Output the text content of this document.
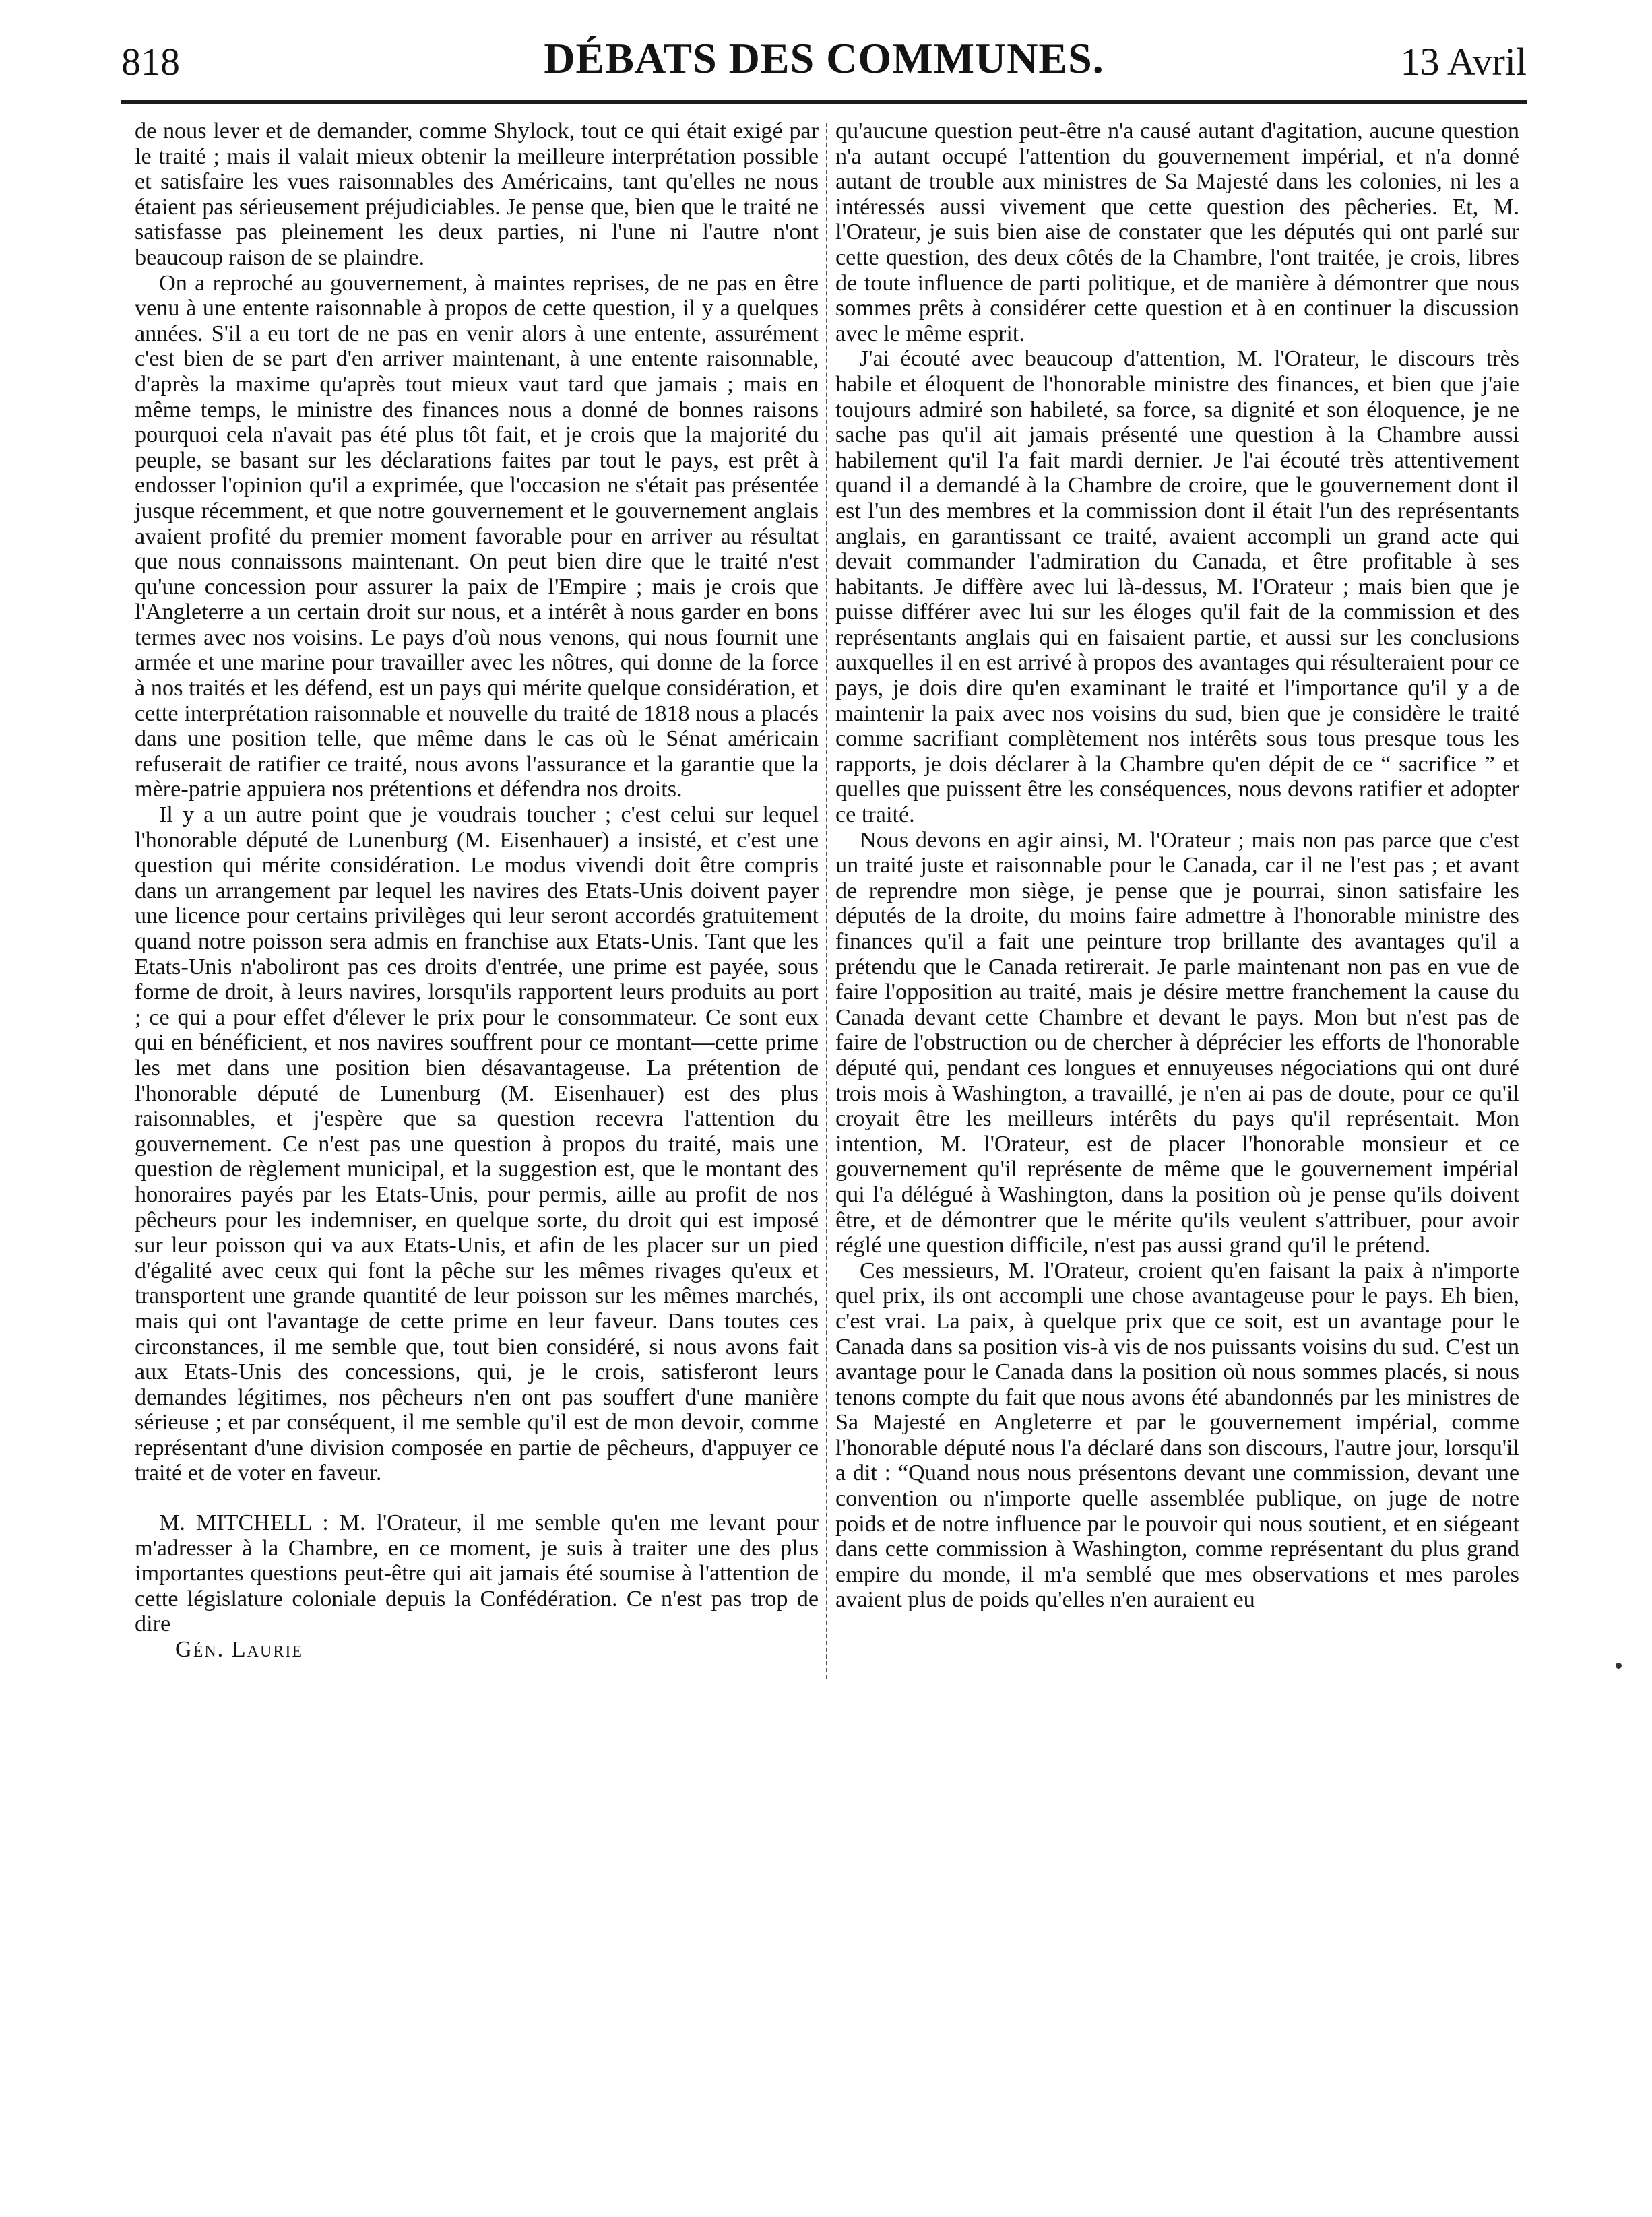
818	DÉBATS DES COMMUNES.	13 Avril

de nous lever et de demander, comme Shylock, tout ce qui était exigé par le traité ; mais il valait mieux obtenir la meilleure interprétation possible et satisfaire les vues raisonnables des Américains, tant qu'elles ne nous étaient pas sérieusement préjudiciables. Je pense que, bien que le traité ne satisfasse pas pleinement les deux parties, ni l'une ni l'autre n'ont beaucoup raison de se plaindre.

On a reproché au gouvernement, à maintes reprises, de ne pas en être venu à une entente raisonnable à propos de cette question, il y a quelques années. S'il a eu tort de ne pas en venir alors à une entente, assurément c'est bien de se part d'en arriver maintenant, à une entente raisonnable, d'après la maxime qu'après tout mieux vaut tard que jamais ; mais en même temps, le ministre des finances nous a donné de bonnes raisons pourquoi cela n'avait pas été plus tôt fait, et je crois que la majorité du peuple, se basant sur les déclarations faites par tout le pays, est prêt à endosser l'opinion qu'il a exprimée, que l'occasion ne s'était pas présentée jusque récemment, et que notre gouvernement et le gouvernement anglais avaient profité du premier moment favorable pour en arriver au résultat que nous connaissons maintenant. On peut bien dire que le traité n'est qu'une concession pour assurer la paix de l'Empire ; mais je crois que l'Angleterre a un certain droit sur nous, et a intérêt à nous garder en bons termes avec nos voisins. Le pays d'où nous venons, qui nous fournit une armée et une marine pour travailler avec les nôtres, qui donne de la force à nos traités et les défend, est un pays qui mérite quelque considération, et cette interprétation raisonnable et nouvelle du traité de 1818 nous a placés dans une position telle, que même dans le cas où le Sénat américain refuserait de ratifier ce traité, nous avons l'assurance et la garantie que la mère-patrie appuiera nos prétentions et défendra nos droits.

Il y a un autre point que je voudrais toucher ; c'est celui sur lequel l'honorable député de Lunenburg (M. Eisenhauer) a insisté, et c'est une question qui mérite considération. Le modus vivendi doit être compris dans un arrangement par lequel les navires des Etats-Unis doivent payer une licence pour certains privilèges qui leur seront accordés gratuitement quand notre poisson sera admis en franchise aux Etats-Unis. Tant que les Etats-Unis n'aboliront pas ces droits d'entrée, une prime est payée, sous forme de droit, à leurs navires, lorsqu'ils rapportent leurs produits au port ; ce qui a pour effet d'élever le prix pour le consommateur. Ce sont eux qui en bénéficient, et nos navires souffrent pour ce montant—cette prime les met dans une position bien désavantageuse. La prétention de l'honorable député de Lunenburg (M. Eisenhauer) est des plus raisonnables, et j'espère que sa question recevra l'attention du gouvernement. Ce n'est pas une question à propos du traité, mais une question de règlement municipal, et la suggestion est, que le montant des honoraires payés par les Etats-Unis, pour permis, aille au profit de nos pêcheurs pour les indemniser, en quelque sorte, du droit qui est imposé sur leur poisson qui va aux Etats-Unis, et afin de les placer sur un pied d'égalité avec ceux qui font la pêche sur les mêmes rivages qu'eux et transportent une grande quantité de leur poisson sur les mêmes marchés, mais qui ont l'avantage de cette prime en leur faveur. Dans toutes ces circonstances, il me semble que, tout bien considéré, si nous avons fait aux Etats-Unis des concessions, qui, je le crois, satisferont leurs demandes légitimes, nos pêcheurs n'en ont pas souffert d'une manière sérieuse ; et par conséquent, il me semble qu'il est de mon devoir, comme représentant d'une division composée en partie de pêcheurs, d'appuyer ce traité et de voter en faveur.

M. MITCHELL : M. l'Orateur, il me semble qu'en me levant pour m'adresser à la Chambre, en ce moment, je suis à traiter une des plus importantes questions peut-être qui ait jamais été soumise à l'attention de cette législature coloniale depuis la Confédération. Ce n'est pas trop de dire

Gén. Laurie

qu'aucune question peut-être n'a causé autant d'agitation, aucune question n'a autant occupé l'attention du gouvernement impérial, et n'a donné autant de trouble aux ministres de Sa Majesté dans les colonies, ni les a intéressés aussi vivement que cette question des pêcheries. Et, M. l'Orateur, je suis bien aise de constater que les députés qui ont parlé sur cette question, des deux côtés de la Chambre, l'ont traitée, je crois, libres de toute influence de parti politique, et de manière à démontrer que nous sommes prêts à considérer cette question et à en continuer la discussion avec le même esprit.

J'ai écouté avec beaucoup d'attention, M. l'Orateur, le discours très habile et éloquent de l'honorable ministre des finances, et bien que j'aie toujours admiré son habileté, sa force, sa dignité et son éloquence, je ne sache pas qu'il ait jamais présenté une question à la Chambre aussi habilement qu'il l'a fait mardi dernier. Je l'ai écouté très attentivement quand il a demandé à la Chambre de croire, que le gouvernement dont il est l'un des membres et la commission dont il était l'un des représentants anglais, en garantissant ce traité, avaient accompli un grand acte qui devait commander l'admiration du Canada, et être profitable à ses habitants. Je diffère avec lui là-dessus, M. l'Orateur ; mais bien que je puisse différer avec lui sur les éloges qu'il fait de la commission et des représentants anglais qui en faisaient partie, et aussi sur les conclusions auxquelles il en est arrivé à propos des avantages qui résulteraient pour ce pays, je dois dire qu'en examinant le traité et l'importance qu'il y a de maintenir la paix avec nos voisins du sud, bien que je considère le traité comme sacrifiant complètement nos intérêts sous tous presque tous les rapports, je dois déclarer à la Chambre qu'en dépit de ce “ sacrifice ” et quelles que puissent être les conséquences, nous devons ratifier et adopter ce traité.

Nous devons en agir ainsi, M. l'Orateur ; mais non pas parce que c'est un traité juste et raisonnable pour le Canada, car il ne l'est pas ; et avant de reprendre mon siège, je pense que je pourrai, sinon satisfaire les députés de la droite, du moins faire admettre à l'honorable ministre des finances qu'il a fait une peinture trop brillante des avantages qu'il a prétendu que le Canada retirerait. Je parle maintenant non pas en vue de faire l'opposition au traité, mais je désire mettre franchement la cause du Canada devant cette Chambre et devant le pays. Mon but n'est pas de faire de l'obstruction ou de chercher à déprécier les efforts de l'honorable député qui, pendant ces longues et ennuyeuses négociations qui ont duré trois mois à Washington, a travaillé, je n'en ai pas de doute, pour ce qu'il croyait être les meilleurs intérêts du pays qu'il représentait. Mon intention, M. l'Orateur, est de placer l'honorable monsieur et ce gouvernement qu'il représente de même que le gouvernement impérial qui l'a délégué à Washington, dans la position où je pense qu'ils doivent être, et de démontrer que le mérite qu'ils veulent s'attribuer, pour avoir réglé une question difficile, n'est pas aussi grand qu'il le prétend.

Ces messieurs, M. l'Orateur, croient qu'en faisant la paix à n'importe quel prix, ils ont accompli une chose avantageuse pour le pays. Eh bien, c'est vrai. La paix, à quelque prix que ce soit, est un avantage pour le Canada dans sa position vis-à vis de nos puissants voisins du sud. C'est un avantage pour le Canada dans la position où nous sommes placés, si nous tenons compte du fait que nous avons été abandonnés par les ministres de Sa Majesté en Angleterre et par le gouvernement impérial, comme l'honorable député nous l'a déclaré dans son discours, l'autre jour, lorsqu'il a dit : “Quand nous nous présentons devant une commission, devant une convention ou n'importe quelle assemblée publique, on juge de notre poids et de notre influence par le pouvoir qui nous soutient, et en siégeant dans cette commission à Washington, comme représentant du plus grand empire du monde, il m'a semblé que mes observations et mes paroles avaient plus de poids qu'elles n'en auraient eu
